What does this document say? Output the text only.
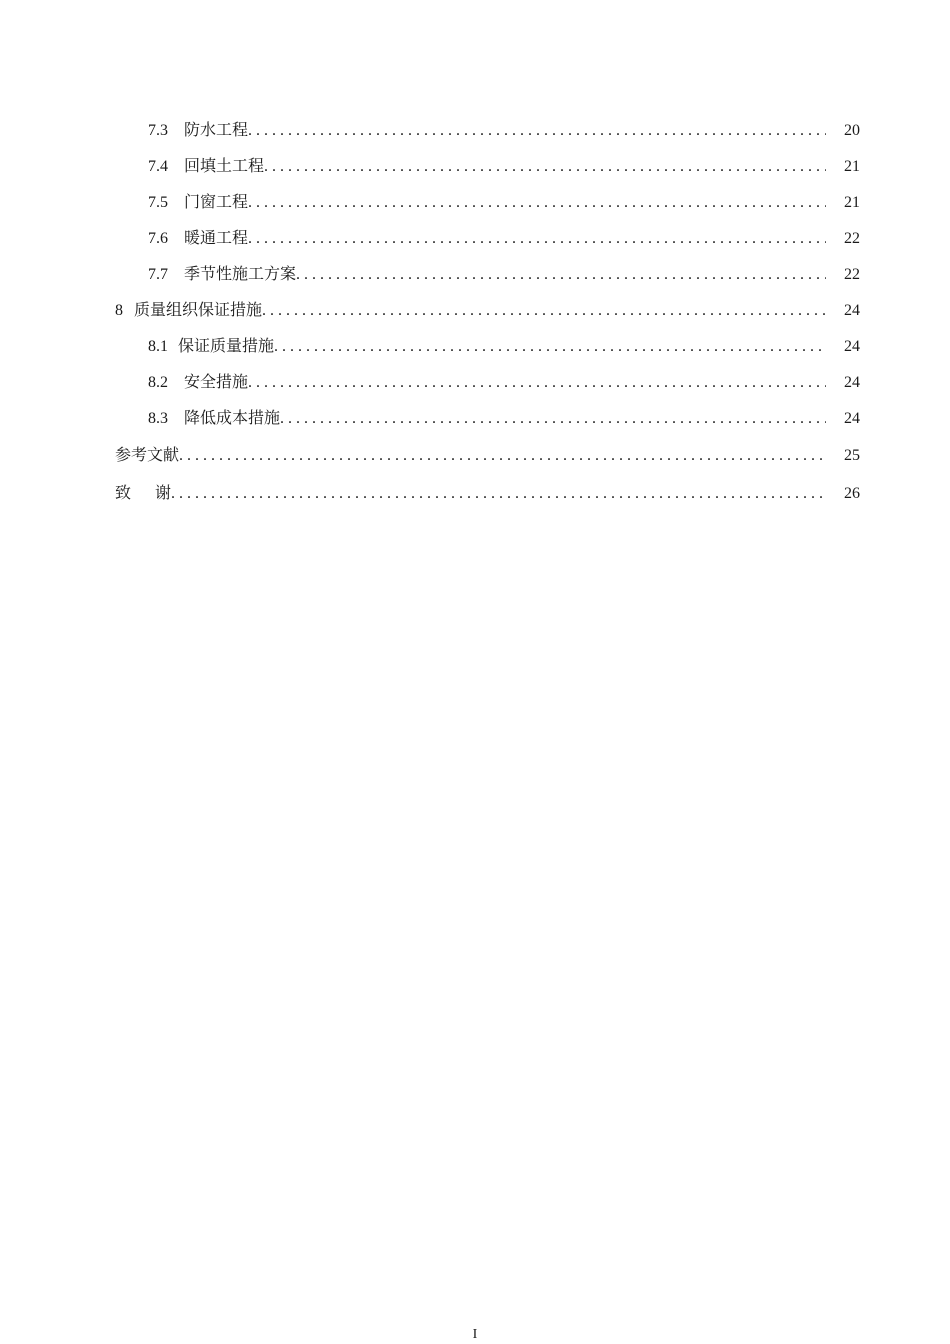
7.3	防水工程 . . .	20
7.4	回填土工程 . . .	21
7.5	门窗工程 . . .	21
7.6	暖通工程 . . .	22
7.7	季节性施工方案 . . .	22
8 质量组织保证措施 . . .	24
8.1 保证质量措施 . . .	24
8.2	安全措施 . . .	24
8.3	降低成本措施 . . .	24
参考文献 . . .	25
致谢 . . .	26
I
